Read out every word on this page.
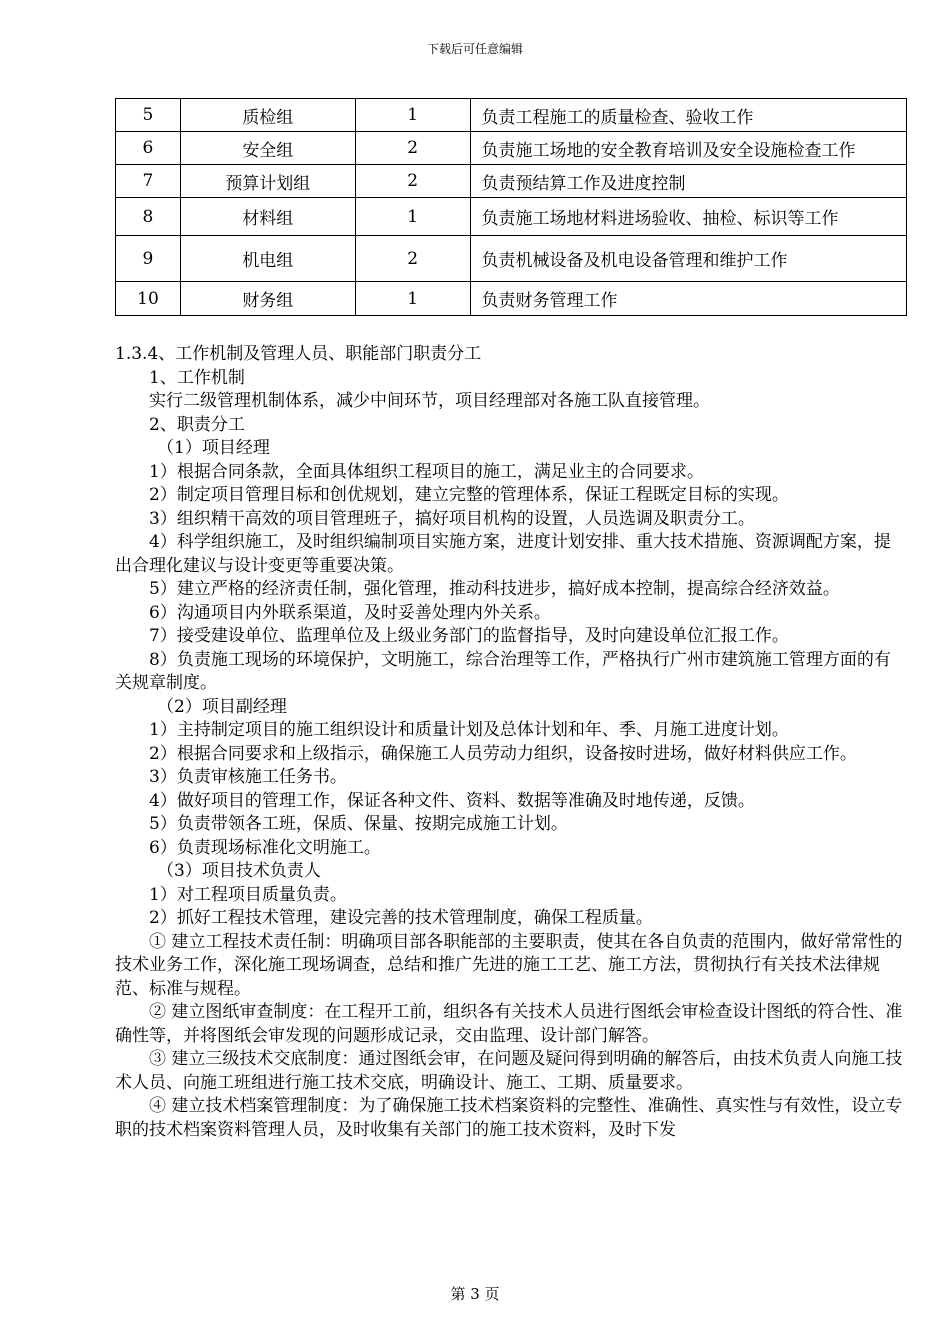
下载后可任意编辑
5	质检组	1	负责工程施工的质量检查、验收工作
6	安全组	2	负责施工场地的安全教育培训及安全设施检查工作
7	预算计划组	2	负责预结算工作及进度控制
8	材料组	1	负责施工场地材料进场验收、抽检、标识等工作
9	机电组	2	负责机械设备及机电设备管理和维护工作
10	财务组	1	负责财务管理工作

1.3.4、工作机制及管理人员、职能部门职责分工

1、工作机制

实行二级管理机制体系，减少中间环节，项目经理部对各施工队直接管理。

2、职责分工

（1）项目经理

1）根据合同条款，全面具体组织工程项目的施工，满足业主的合同要求。

2）制定项目管理目标和创优规划，建立完整的管理体系，保证工程既定目标的实现。

3）组织精干高效的项目管理班子，搞好项目机构的设置，人员选调及职责分工。

4）科学组织施工，及时组织编制项目实施方案，进度计划安排、重大技术措施、资源调配方案，提出合理化建议与设计变更等重要决策。

5）建立严格的经济责任制，强化管理，推动科技进步，搞好成本控制，提高综合经济效益。

6）沟通项目内外联系渠道，及时妥善处理内外关系。

7）接受建设单位、监理单位及上级业务部门的监督指导，及时向建设单位汇报工作。

8）负责施工现场的环境保护，文明施工，综合治理等工作，严格执行广州市建筑施工管理方面的有关规章制度。

（2）项目副经理

1）主持制定项目的施工组织设计和质量计划及总体计划和年、季、月施工进度计划。

2）根据合同要求和上级指示，确保施工人员劳动力组织，设备按时进场，做好材料供应工作。

3）负责审核施工任务书。

4）做好项目的管理工作，保证各种文件、资料、数据等准确及时地传递，反馈。

5）负责带领各工班，保质、保量、按期完成施工计划。

6）负责现场标准化文明施工。

（3）项目技术负责人

1）对工程项目质量负责。

2）抓好工程技术管理，建设完善的技术管理制度，确保工程质量。

① 建立工程技术责任制：明确项目部各职能部的主要职责，使其在各自负责的范围内，做好常常性的技术业务工作，深化施工现场调查，总结和推广先进的施工工艺、施工方法，贯彻执行有关技术法律规范、标准与规程。

② 建立图纸审查制度：在工程开工前，组织各有关技术人员进行图纸会审检查设计图纸的符合性、准确性等，并将图纸会审发现的问题形成记录，交由监理、设计部门解答。

③ 建立三级技术交底制度：通过图纸会审，在问题及疑问得到明确的解答后，由技术负责人向施工技术人员、向施工班组进行施工技术交底，明确设计、施工、工期、质量要求。

④ 建立技术档案管理制度：为了确保施工技术档案资料的完整性、准确性、真实性与有效性，设立专职的技术档案资料管理人员，及时收集有关部门的施工技术资料，及时下发

第 3 页
